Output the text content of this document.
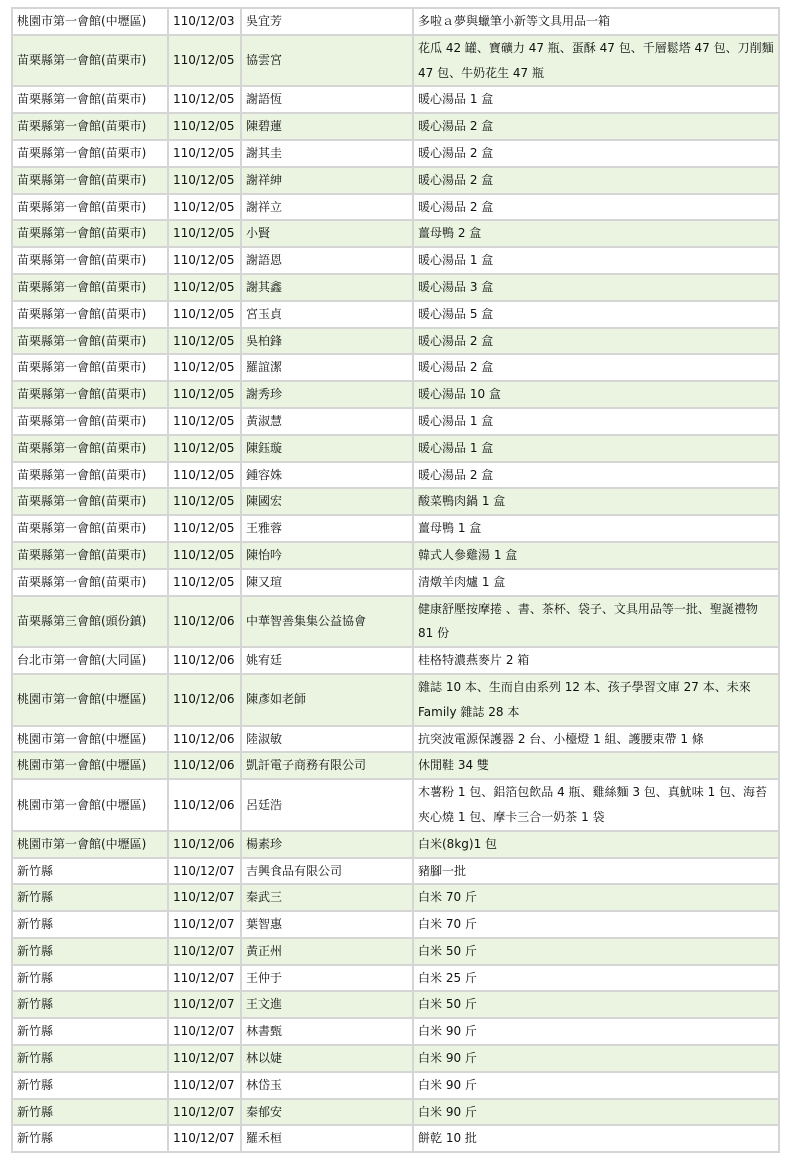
桃園市第一會館(中壢區)	110/12/03	吳宜芳	多啦ａ夢與蠟筆小新等文具用品一箱
苗栗縣第一會館(苗栗市)	110/12/05	協雲宮	花瓜 42 罐、寶礦力 47 瓶、蛋酥 47 包、千層鬆塔 47 包、刀削麵 47 包、牛奶花生 47 瓶
苗栗縣第一會館(苗栗市)	110/12/05	謝語恆	暖心湯品 1 盒
苗栗縣第一會館(苗栗市)	110/12/05	陳碧蓮	暖心湯品 2 盒
苗栗縣第一會館(苗栗市)	110/12/05	謝其圭	暖心湯品 2 盒
苗栗縣第一會館(苗栗市)	110/12/05	謝祥紳	暖心湯品 2 盒
苗栗縣第一會館(苗栗市)	110/12/05	謝祥立	暖心湯品 2 盒
苗栗縣第一會館(苗栗市)	110/12/05	小賢	薑母鴨 2 盒
苗栗縣第一會館(苗栗市)	110/12/05	謝語恩	暖心湯品 1 盒
苗栗縣第一會館(苗栗市)	110/12/05	謝其鑫	暖心湯品 3 盒
苗栗縣第一會館(苗栗市)	110/12/05	宮玉貞	暖心湯品 5 盒
苗栗縣第一會館(苗栗市)	110/12/05	吳柏鋒	暖心湯品 2 盒
苗栗縣第一會館(苗栗市)	110/12/05	羅誼潔	暖心湯品 2 盒
苗栗縣第一會館(苗栗市)	110/12/05	謝秀珍	暖心湯品 10 盒
苗栗縣第一會館(苗栗市)	110/12/05	黃淑慧	暖心湯品 1 盒
苗栗縣第一會館(苗栗市)	110/12/05	陳鈺璇	暖心湯品 1 盒
苗栗縣第一會館(苗栗市)	110/12/05	鍾容姝	暖心湯品 2 盒
苗栗縣第一會館(苗栗市)	110/12/05	陳國宏	酸菜鴨肉鍋 1 盒
苗栗縣第一會館(苗栗市)	110/12/05	王雅蓉	薑母鴨 1 盒
苗栗縣第一會館(苗栗市)	110/12/05	陳怡吟	韓式人參雞湯 1 盒
苗栗縣第一會館(苗栗市)	110/12/05	陳又瑄	清燉羊肉爐 1 盒
苗栗縣第三會館(頭份鎮)	110/12/06	中華智善集集公益協會	健康舒壓按摩捲 、書、茶杯、袋子、文具用品等一批、聖誕禮物 81 份
台北市第一會館(大同區)	110/12/06	姚宥廷	桂格特濃燕麥片 2 箱
桃園市第一會館(中壢區)	110/12/06	陳彥如老師	雜誌 10 本、生而自由系列 12 本、孩子學習文庫 27 本、未來 Family 雜誌 28 本
桃園市第一會館(中壢區)	110/12/06	陸淑敏	抗突波電源保護器 2 台、小檯燈 1 組、護腰束帶 1 條
桃園市第一會館(中壢區)	110/12/06	凱訐電子商務有限公司	休閒鞋 34 雙
桃園市第一會館(中壢區)	110/12/06	呂廷浩	木薯粉 1 包、鋁箔包飲品 4 瓶、雞絲麵 3 包、真魷味 1 包、海苔夾心燒 1 包、摩卡三合一奶茶 1 袋
桃園市第一會館(中壢區)	110/12/06	楊素珍	白米(8kg)1 包
新竹縣	110/12/07	吉興食品有限公司	豬腳一批
新竹縣	110/12/07	秦武三	白米 70 斤
新竹縣	110/12/07	葉智惠	白米 70 斤
新竹縣	110/12/07	黃正州	白米 50 斤
新竹縣	110/12/07	王仲于	白米 25 斤
新竹縣	110/12/07	王文進	白米 50 斤
新竹縣	110/12/07	林書甄	白米 90 斤
新竹縣	110/12/07	林以婕	白米 90 斤
新竹縣	110/12/07	林岱玉	白米 90 斤
新竹縣	110/12/07	秦郁安	白米 90 斤
新竹縣	110/12/07	羅禾桓	餅乾 10 批
